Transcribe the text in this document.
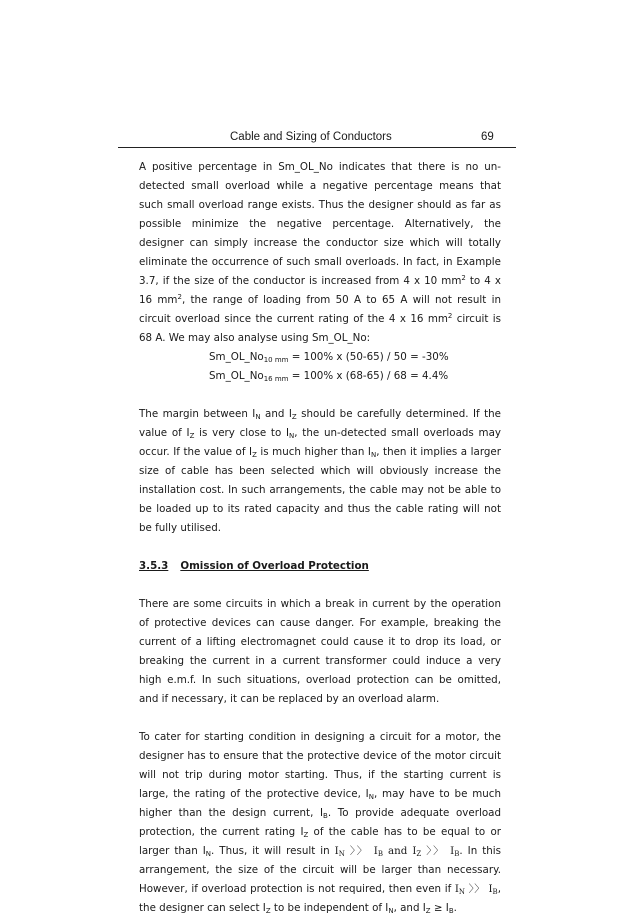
Cable and Sizing of Conductors	69

A positive percentage in Sm_OL_No indicates that there is no un-detected small overload while a negative percentage means that such small overload range exists. Thus the designer should as far as possible minimize the negative percentage. Alternatively, the designer can simply increase the conductor size which will totally eliminate the occurrence of such small overloads. In fact, in Example 3.7, if the size of the conductor is increased from 4 x 10 $mm^2$ to 4 x 16 $mm^2$, the range of loading from 50 A to 65 A will not result in circuit overload since the current rating of the 4 x 16 $mm^2$ circuit is 68 A. We may also analyse using Sm_OL_No:

$Sm\_OL\_No_{10 mm} = 100\%$ x (50-65) / 50 = -30%
$Sm\_OL\_No_{16 mm} = 100\%$ x (68-65) / 68 = 4.4%

The margin between $I_N$ and $I_Z$ should be carefully determined. If the value of $I_Z$ is very close to $I_N$, the un-detected small overloads may occur. If the value of $I_Z$ is much higher than $I_N$, then it implies a larger size of cable has been selected which will obviously increase the installation cost. In such arrangements, the cable may not be able to be loaded up to its rated capacity and thus the cable rating will not be fully utilised.

3.5.3 Omission of Overload Protection

There are some circuits in which a break in current by the operation of protective devices can cause danger. For example, breaking the current of a lifting electromagnet could cause it to drop its load, or breaking the current in a current transformer could induce a very high e.m.f. In such situations, overload protection can be omitted, and if necessary, it can be replaced by an overload alarm.

To cater for starting condition in designing a circuit for a motor, the designer has to ensure that the protective device of the motor circuit will not trip during motor starting. Thus, if the starting current is large, the rating of the protective device, $I_N$, may have to be much higher than the design current, $I_B$. To provide adequate overload protection, the current rating $I_Z$ of the cable has to be equal to or larger than $I_N$. Thus, it will result in $I_N$ 〉〉 $I_B$ and $I_Z$ 〉〉 $I_B$. In this arrangement, the size of the circuit will be larger than necessary. However, if overload protection is not required, then even if $I_N$ 〉〉 $I_B$, the designer can select $I_Z$ to be independent of $I_N$, and $I_Z \ge I_B$.
